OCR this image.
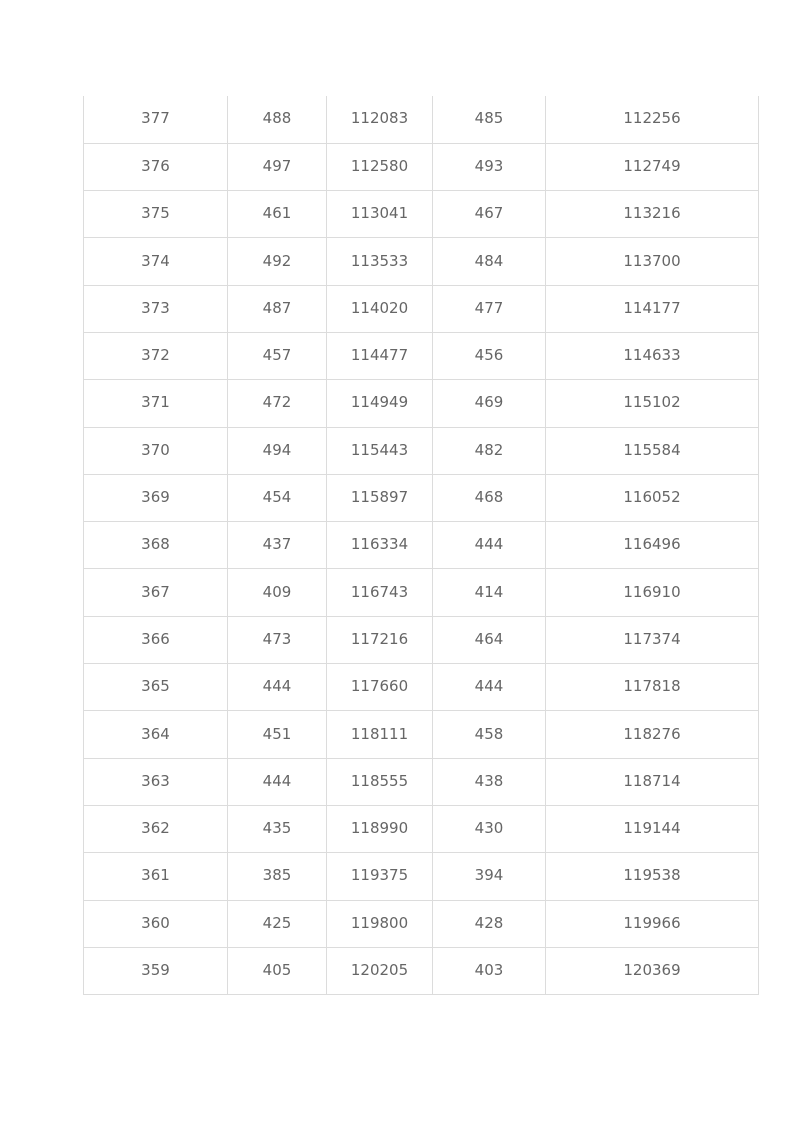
377	488	112083	485	112256
376	497	112580	493	112749
375	461	113041	467	113216
374	492	113533	484	113700
373	487	114020	477	114177
372	457	114477	456	114633
371	472	114949	469	115102
370	494	115443	482	115584
369	454	115897	468	116052
368	437	116334	444	116496
367	409	116743	414	116910
366	473	117216	464	117374
365	444	117660	444	117818
364	451	118111	458	118276
363	444	118555	438	118714
362	435	118990	430	119144
361	385	119375	394	119538
360	425	119800	428	119966
359	405	120205	403	120369
